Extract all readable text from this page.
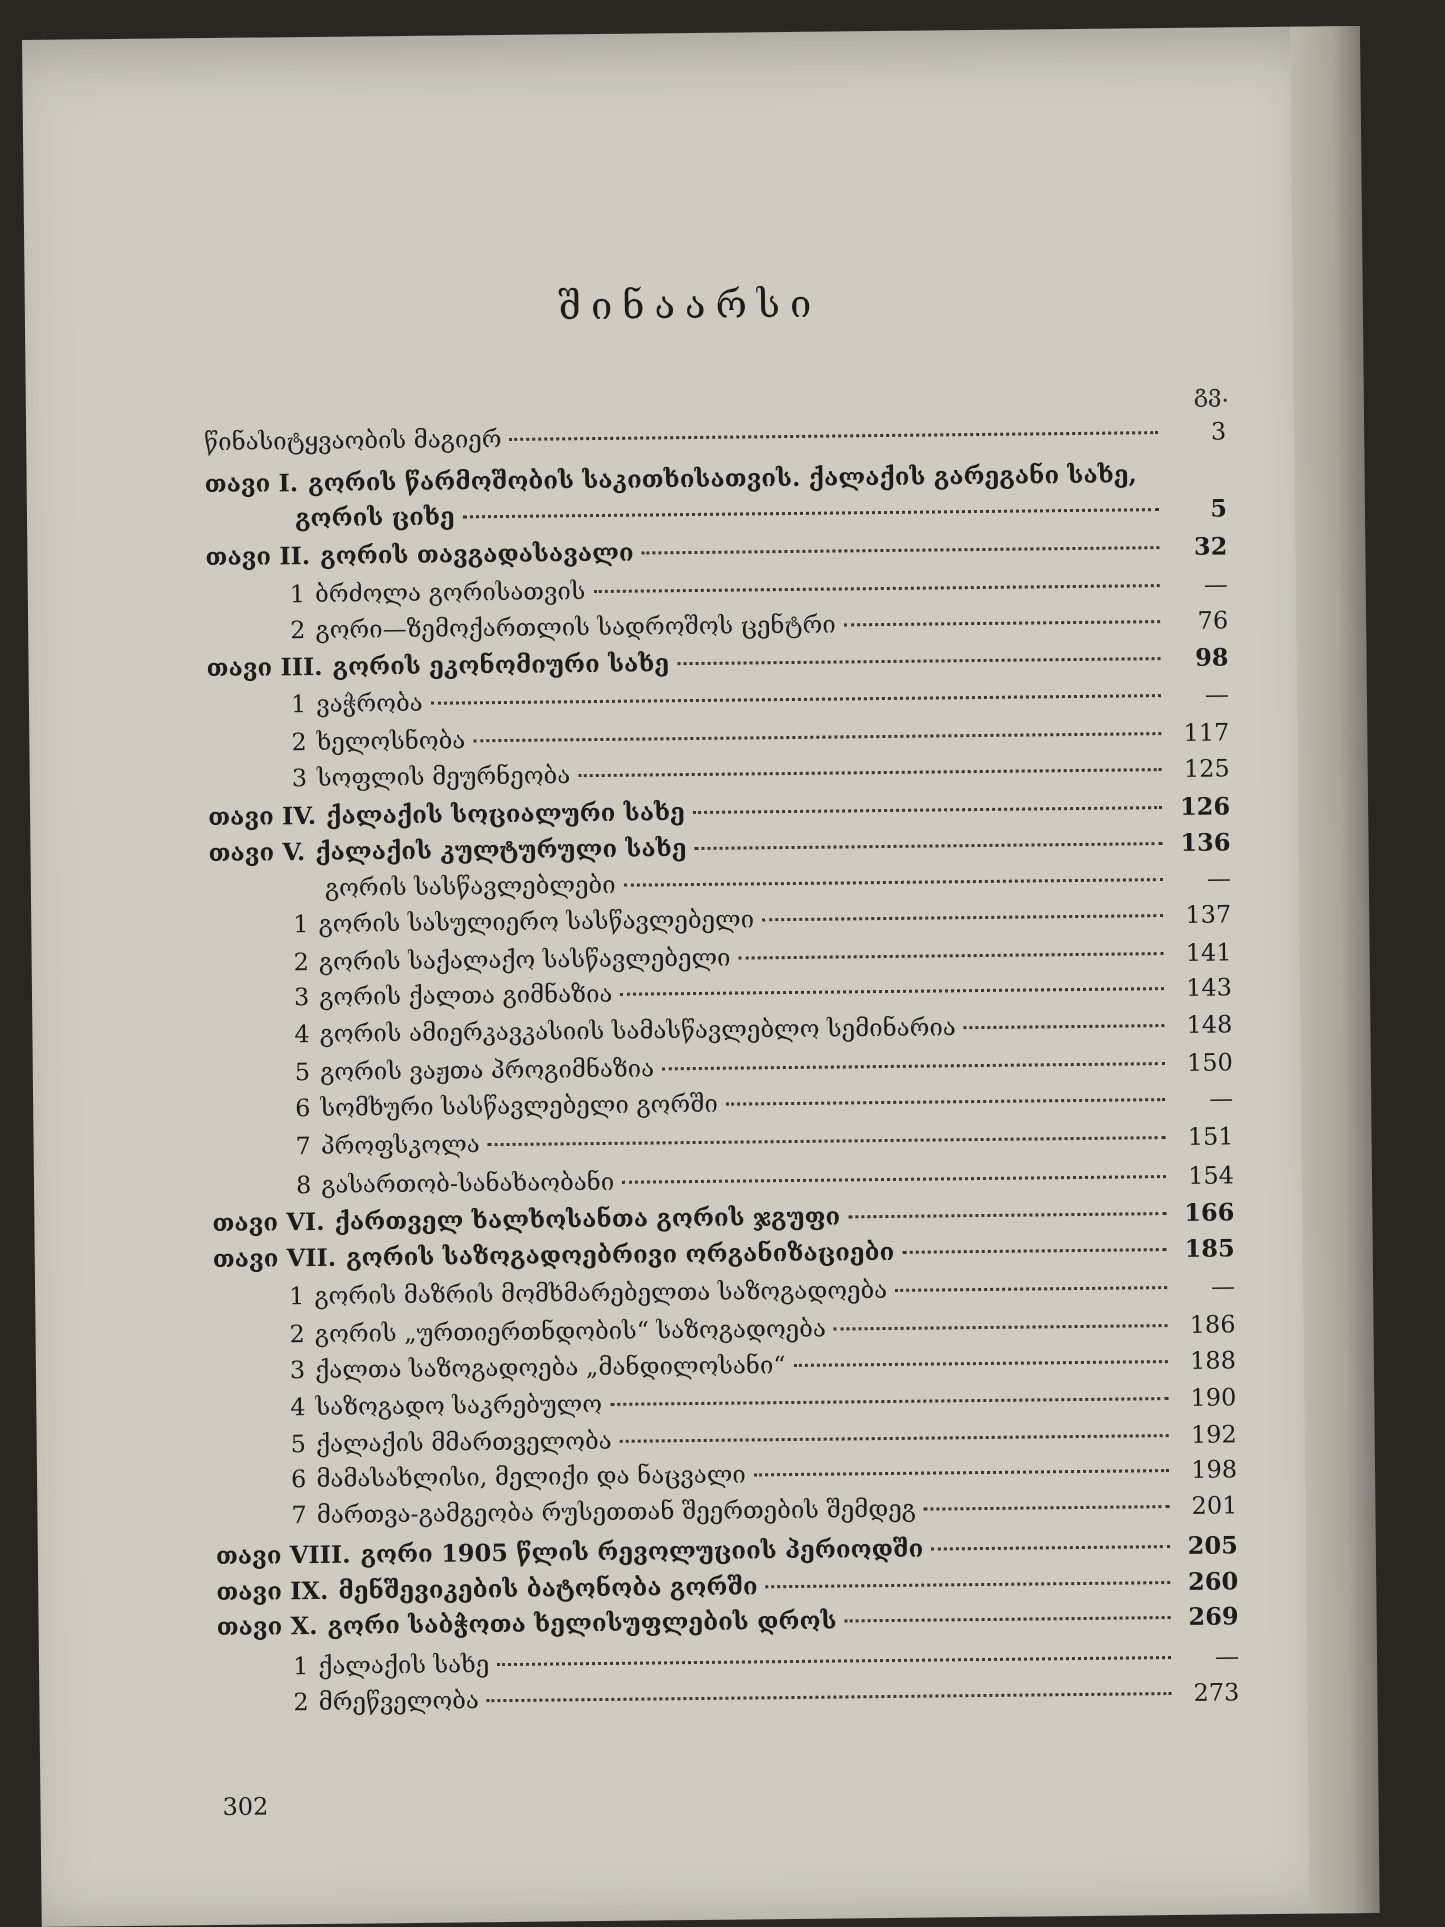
შინაარსი
გვ.
წინასიტყვაობის მაგიერ	3
თავი I. გორის წარმოშობის საკითხისათვის. ქალაქის გარეგანი სახე,
გორის ციხე	5
თავი II. გორის თავგადასავალი	32
1 ბრძოლა გორისათვის	—
2 გორი—ზემოქართლის სადროშოს ცენტრი	76
თავი III. გორის ეკონომიური სახე	98
1 ვაჭრობა	—
2 ხელოსნობა	117
3 სოფლის მეურნეობა	125
თავი IV. ქალაქის სოციალური სახე	126
თავი V. ქალაქის კულტურული სახე	136
გორის სასწავლებლები	—
1 გორის სასულიერო სასწავლებელი	137
2 გორის საქალაქო სასწავლებელი	141
3 გორის ქალთა გიმნაზია	143
4 გორის ამიერკავკასიის სამასწავლებლო სემინარია	148
5 გორის ვაჟთა პროგიმნაზია	150
6 სომხური სასწავლებელი გორში	—
7 პროფსკოლა	151
8 გასართობ-სანახაობანი	154
თავი VI. ქართველ ხალხოსანთა გორის ჯგუფი	166
თავი VII. გორის საზოგადოებრივი ორგანიზაციები	185
1 გორის მაზრის მომხმარებელთა საზოგადოება	—
2 გორის „ურთიერთნდობის“ საზოგადოება	186
3 ქალთა საზოგადოება „მანდილოსანი“	188
4 საზოგადო საკრებულო	190
5 ქალაქის მმართველობა	192
6 მამასახლისი, მელიქი და ნაცვალი	198
7 მართვა-გამგეობა რუსეთთან შეერთების შემდეგ	201
თავი VIII. გორი 1905 წლის რევოლუციის პერიოდში	205
თავი IX. მენშევიკების ბატონობა გორში	260
თავი X. გორი საბჭოთა ხელისუფლების დროს	269
1 ქალაქის სახე	—
2 მრეწველობა	273
302
